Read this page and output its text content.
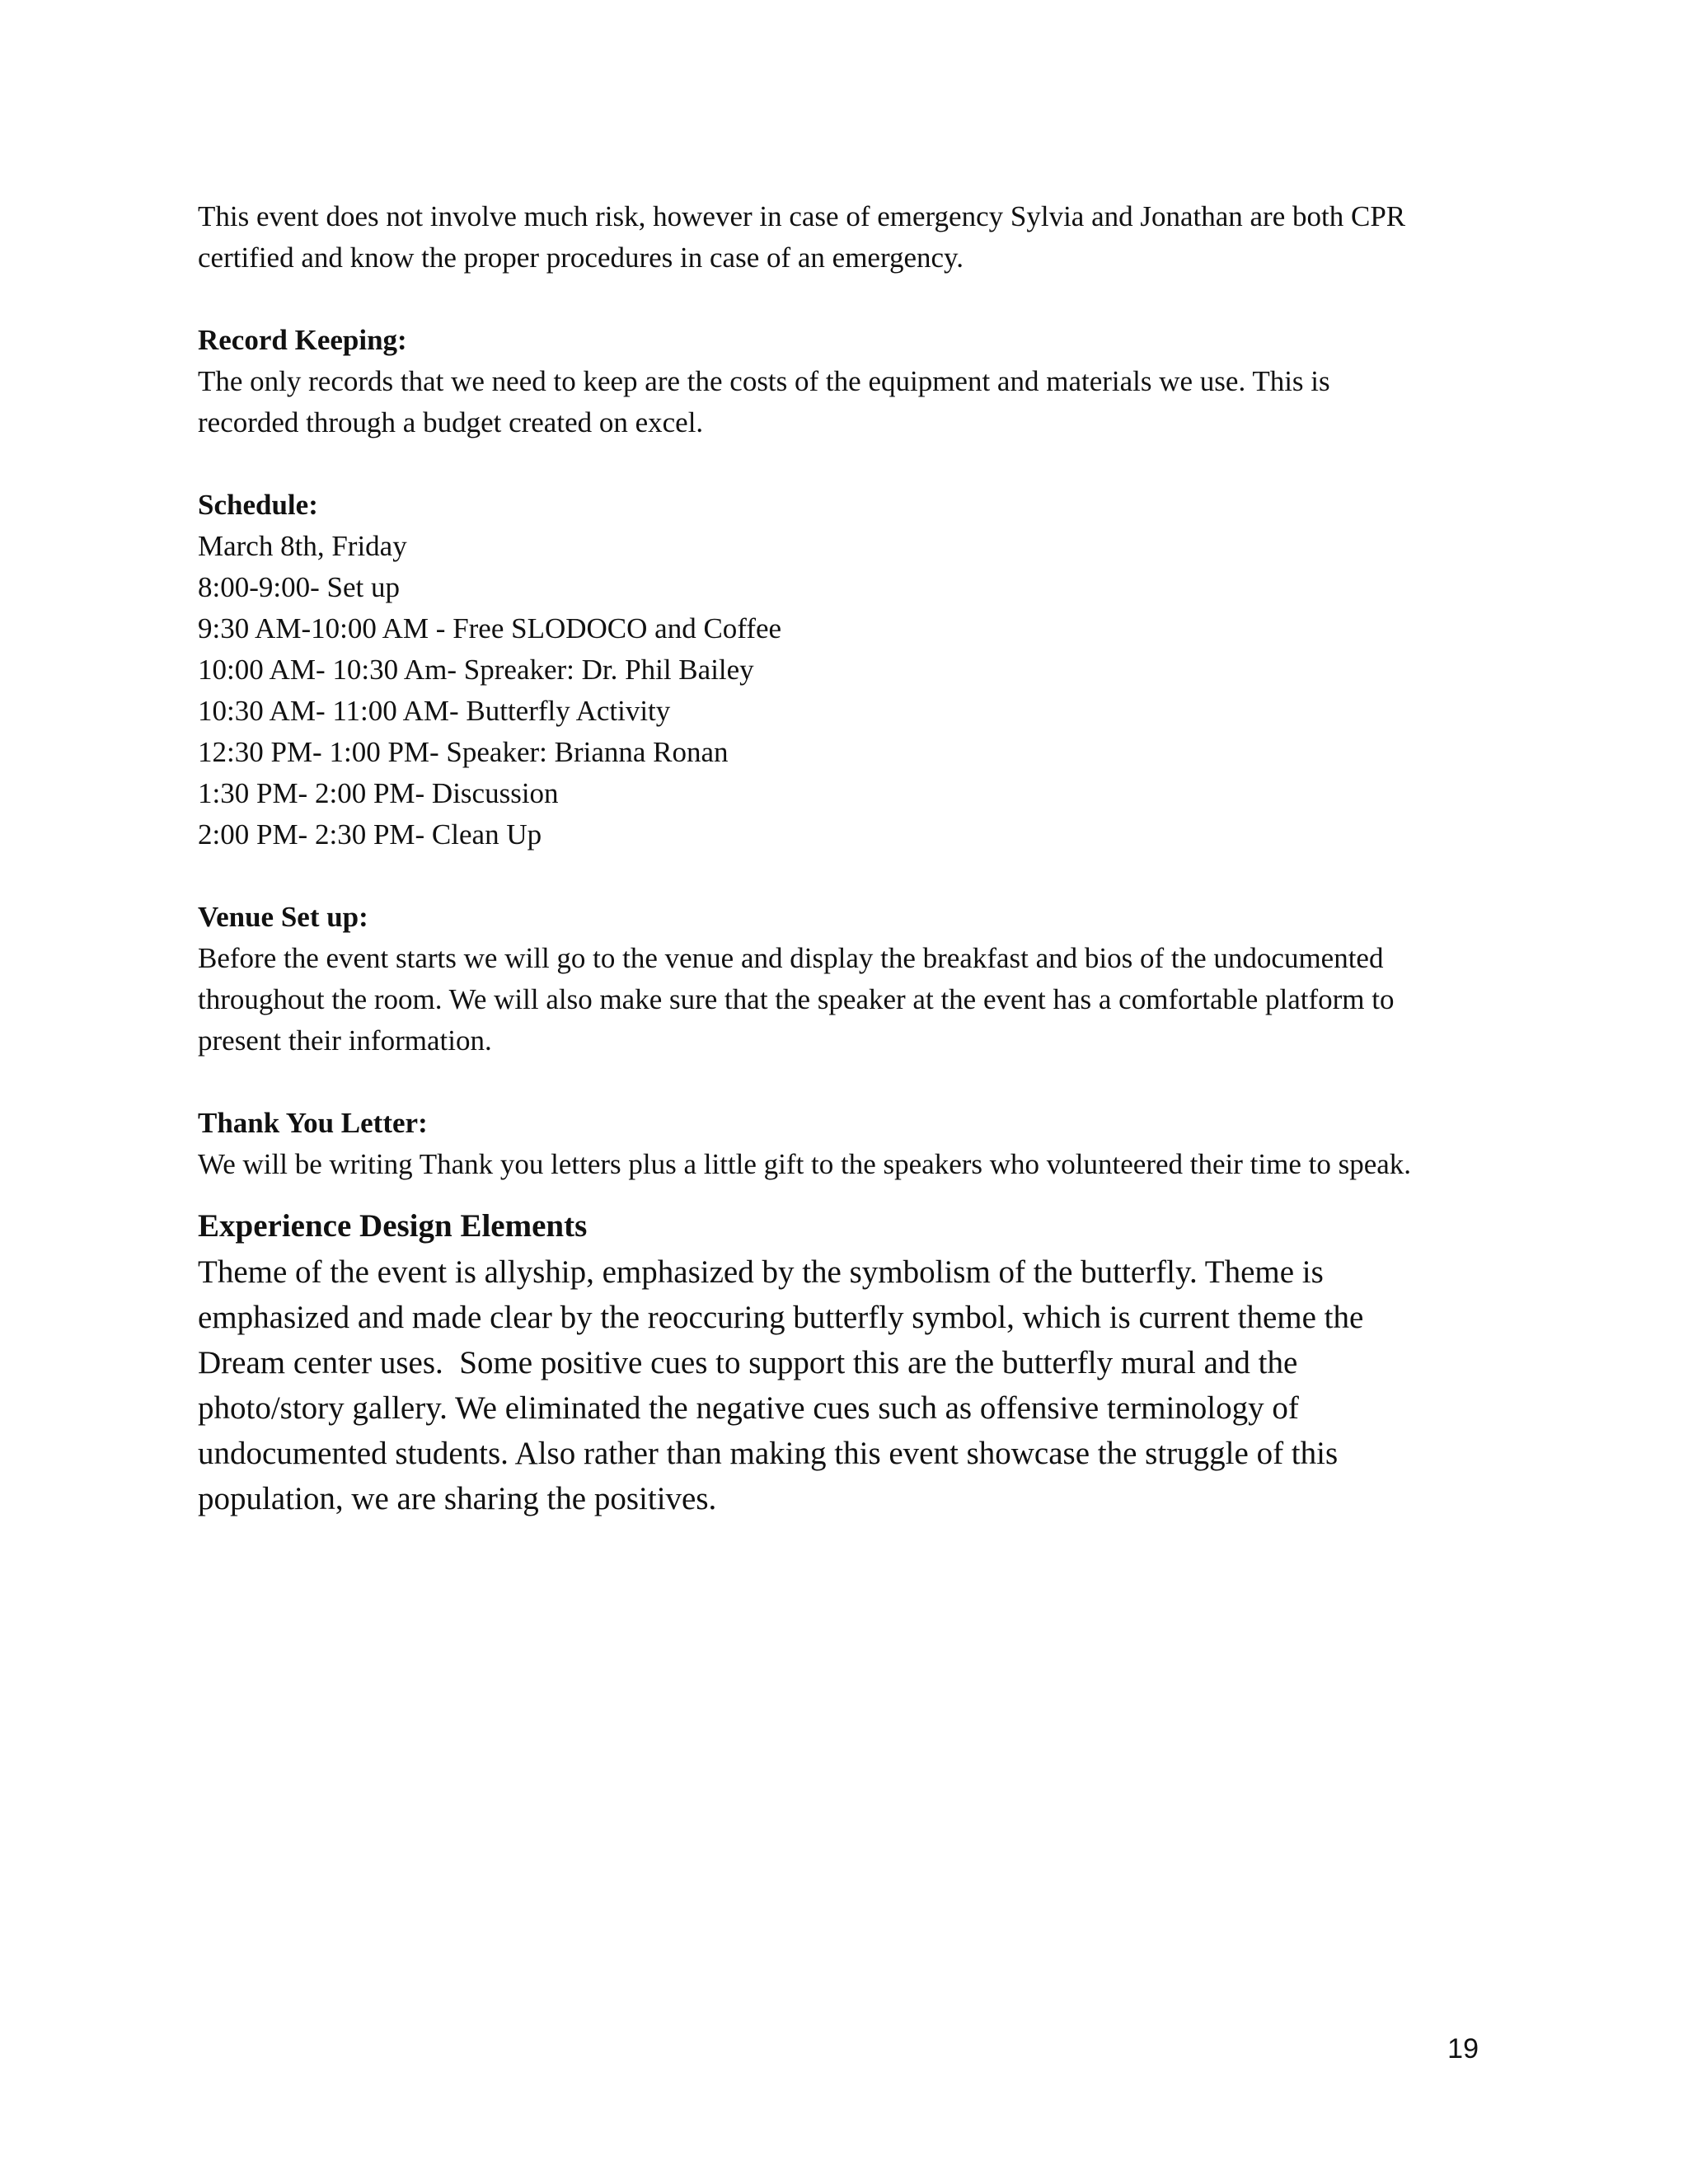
This event does not involve much risk, however in case of emergency Sylvia and Jonathan are both CPR
certified and know the proper procedures in case of an emergency.

Record Keeping:

The only records that we need to keep are the costs of the equipment and materials we use. This is
recorded through a budget created on excel.

Schedule:

March 8th, Friday
8:00-9:00- Set up
9:30 AM-10:00 AM - Free SLODOCO and Coffee
10:00 AM- 10:30 Am- Spreaker: Dr. Phil Bailey
10:30 AM- 11:00 AM- Butterfly Activity
12:30 PM- 1:00 PM- Speaker: Brianna Ronan
1:30 PM- 2:00 PM- Discussion
2:00 PM- 2:30 PM- Clean Up

Venue Set up:

Before the event starts we will go to the venue and display the breakfast and bios of the undocumented
throughout the room. We will also make sure that the speaker at the event has a comfortable platform to
present their information.

Thank You Letter:

We will be writing Thank you letters plus a little gift to the speakers who volunteered their time to speak.

Experience Design Elements

Theme of the event is allyship, emphasized by the symbolism of the butterfly. Theme is
emphasized and made clear by the reoccuring butterfly symbol, which is current theme the
Dream center uses.  Some positive cues to support this are the butterfly mural and the
photo/story gallery. We eliminated the negative cues such as offensive terminology of
undocumented students. Also rather than making this event showcase the struggle of this
population, we are sharing the positives.

19
